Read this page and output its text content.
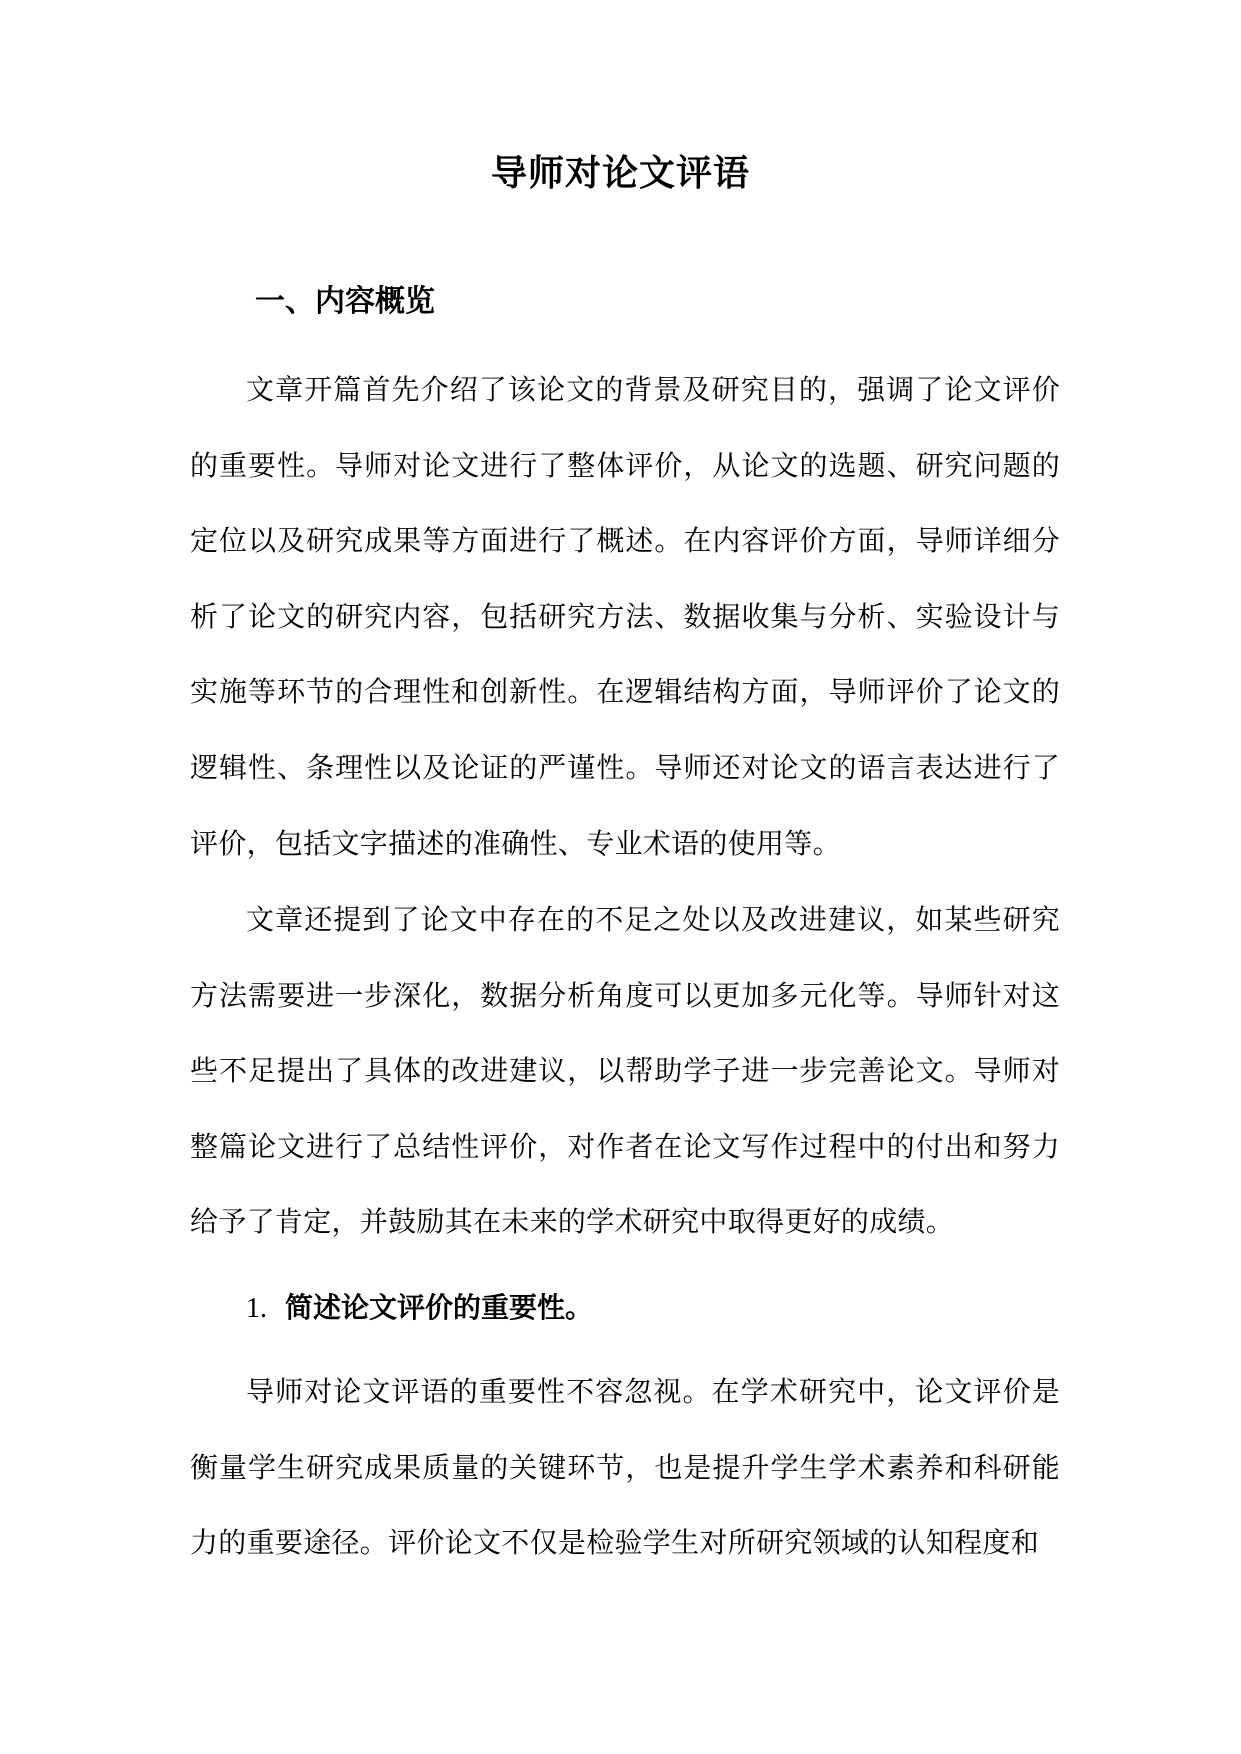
导师对论文评语
一、内容概览

文章开篇首先介绍了该论文的背景及研究目的，强调了论文评价的重要性。导师对论文进行了整体评价，从论文的选题、研究问题的定位以及研究成果等方面进行了概述。在内容评价方面，导师详细分析了论文的研究内容，包括研究方法、数据收集与分析、实验设计与实施等环节的合理性和创新性。在逻辑结构方面，导师评价了论文的逻辑性、条理性以及论证的严谨性。导师还对论文的语言表达进行了评价，包括文字描述的准确性、专业术语的使用等。

文章还提到了论文中存在的不足之处以及改进建议，如某些研究方法需要进一步深化，数据分析角度可以更加多元化等。导师针对这些不足提出了具体的改进建议，以帮助学子进一步完善论文。导师对整篇论文进行了总结性评价，对作者在论文写作过程中的付出和努力给予了肯定，并鼓励其在未来的学术研究中取得更好的成绩。

1. 简述论文评价的重要性。

导师对论文评语的重要性不容忽视。在学术研究中，论文评价是衡量学生研究成果质量的关键环节，也是提升学生学术素养和科研能力的重要途径。评价论文不仅是检验学生对所研究领域的认知程度和
